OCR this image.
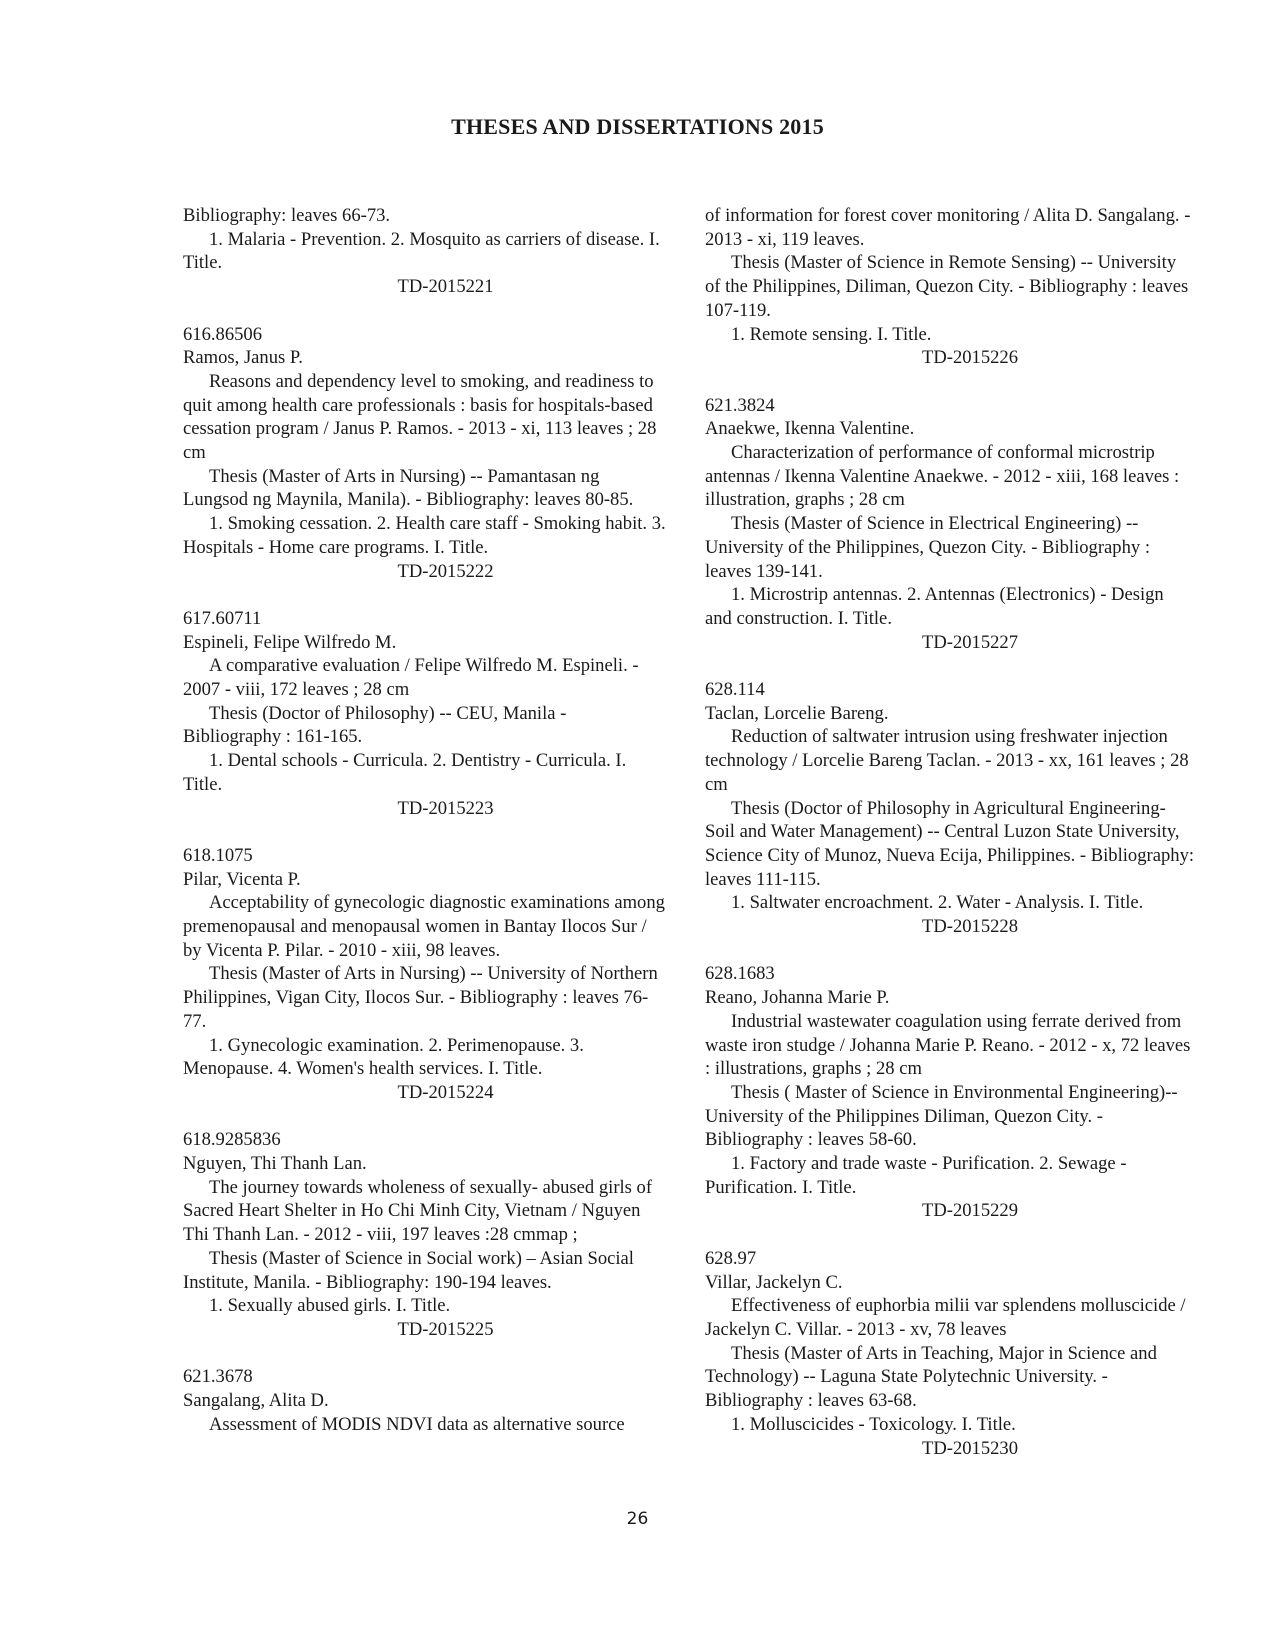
THESES AND DISSERTATIONS 2015

Bibliography: leaves 66-73.

1. Malaria - Prevention. 2. Mosquito as carriers of disease. I. Title.

TD-2015221

616.86506

Ramos, Janus P.

Reasons and dependency level to smoking, and readiness to quit among health care professionals : basis for hospitals-based cessation program / Janus P. Ramos. - 2013 - xi, 113 leaves ; 28 cm

Thesis (Master of Arts in Nursing) -- Pamantasan ng Lungsod ng Maynila, Manila). - Bibliography: leaves 80-85.

1. Smoking cessation. 2. Health care staff - Smoking habit. 3. Hospitals - Home care programs. I. Title.

TD-2015222

617.60711

Espineli, Felipe Wilfredo M.

A comparative evaluation / Felipe Wilfredo M. Espineli. - 2007 - viii, 172 leaves ; 28 cm

Thesis (Doctor of Philosophy) -- CEU, Manila - Bibliography : 161-165.

1. Dental schools - Curricula. 2. Dentistry - Curricula. I. Title.

TD-2015223

618.1075

Pilar, Vicenta P.

Acceptability of gynecologic diagnostic examinations among premenopausal and menopausal women in Bantay Ilocos Sur / by Vicenta P. Pilar. - 2010 - xiii, 98 leaves.

Thesis (Master of Arts in Nursing) -- University of Northern Philippines, Vigan City, Ilocos Sur. - Bibliography : leaves 76-77.

1. Gynecologic examination. 2. Perimenopause. 3. Menopause. 4. Women's health services. I. Title.

TD-2015224

618.9285836

Nguyen, Thi Thanh Lan.

The journey towards wholeness of sexually- abused girls of Sacred Heart Shelter in Ho Chi Minh City, Vietnam / Nguyen Thi Thanh Lan. - 2012 - viii, 197 leaves :28 cmmap ;

Thesis (Master of Science in Social work) – Asian Social Institute, Manila. - Bibliography: 190-194 leaves.

1. Sexually abused girls. I. Title.

TD-2015225

621.3678

Sangalang, Alita D.

Assessment of MODIS NDVI data as alternative source

of information for forest cover monitoring / Alita D. Sangalang. - 2013 - xi, 119 leaves.

Thesis (Master of Science in Remote Sensing) -- University of the Philippines, Diliman, Quezon City. - Bibliography : leaves 107-119.

1. Remote sensing. I. Title.

TD-2015226

621.3824

Anaekwe, Ikenna Valentine.

Characterization of performance of conformal microstrip antennas / Ikenna Valentine Anaekwe. - 2012 - xiii, 168 leaves : illustration, graphs ; 28 cm

Thesis (Master of Science in Electrical Engineering) -- University of the Philippines, Quezon City. - Bibliography : leaves 139-141.

1. Microstrip antennas. 2. Antennas (Electronics) - Design and construction. I. Title.

TD-2015227

628.114

Taclan, Lorcelie Bareng.

Reduction of saltwater intrusion using freshwater injection technology / Lorcelie Bareng Taclan. - 2013 - xx, 161 leaves ; 28 cm

Thesis (Doctor of Philosophy in Agricultural Engineering- Soil and Water Management) -- Central Luzon State University, Science City of Munoz, Nueva Ecija, Philippines. - Bibliography: leaves 111-115.

1. Saltwater encroachment. 2. Water - Analysis. I. Title.

TD-2015228

628.1683

Reano, Johanna Marie P.

Industrial wastewater coagulation using ferrate derived from waste iron studge / Johanna Marie P. Reano. - 2012 - x, 72 leaves : illustrations, graphs ; 28 cm

Thesis ( Master of Science in Environmental Engineering)-- University of the Philippines Diliman, Quezon City. - Bibliography : leaves 58-60.

1. Factory and trade waste - Purification. 2. Sewage - Purification. I. Title.

TD-2015229

628.97

Villar, Jackelyn C.

Effectiveness of euphorbia milii var splendens molluscicide / Jackelyn C. Villar. - 2013 - xv, 78 leaves

Thesis (Master of Arts in Teaching, Major in Science and Technology) -- Laguna State Polytechnic University. - Bibliography : leaves 63-68.

1. Molluscicides - Toxicology. I. Title.

TD-2015230

26
